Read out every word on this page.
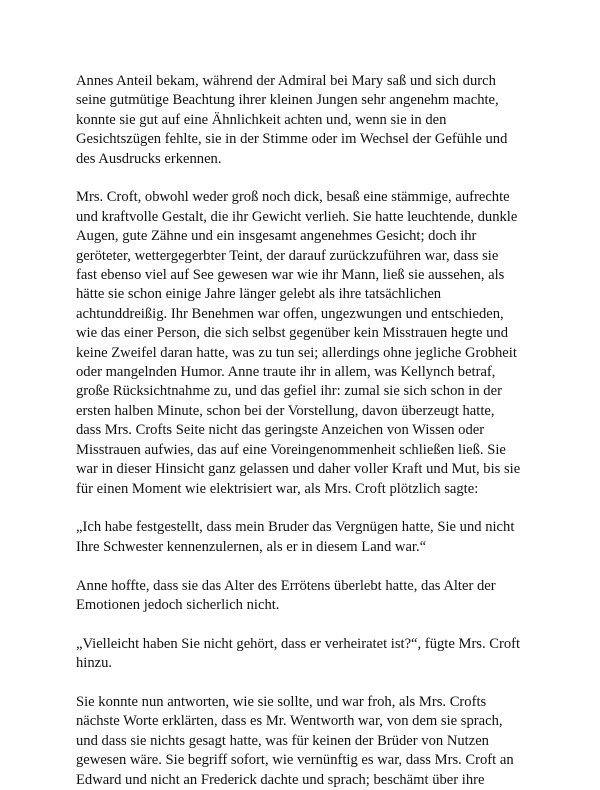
Annes Anteil bekam, während der Admiral bei Mary saß und sich durch
seine gutmütige Beachtung ihrer kleinen Jungen sehr angenehm machte,
konnte sie gut auf eine Ähnlichkeit achten und, wenn sie in den
Gesichtszügen fehlte, sie in der Stimme oder im Wechsel der Gefühle und
des Ausdrucks erkennen.

Mrs. Croft, obwohl weder groß noch dick, besaß eine stämmige, aufrechte
und kraftvolle Gestalt, die ihr Gewicht verlieh. Sie hatte leuchtende, dunkle
Augen, gute Zähne und ein insgesamt angenehmes Gesicht; doch ihr
geröteter, wettergegerbter Teint, der darauf zurückzuführen war, dass sie
fast ebenso viel auf See gewesen war wie ihr Mann, ließ sie aussehen, als
hätte sie schon einige Jahre länger gelebt als ihre tatsächlichen
achtunddreißig. Ihr Benehmen war offen, ungezwungen und entschieden,
wie das einer Person, die sich selbst gegenüber kein Misstrauen hegte und
keine Zweifel daran hatte, was zu tun sei; allerdings ohne jegliche Grobheit
oder mangelnden Humor. Anne traute ihr in allem, was Kellynch betraf,
große Rücksichtnahme zu, und das gefiel ihr: zumal sie sich schon in der
ersten halben Minute, schon bei der Vorstellung, davon überzeugt hatte,
dass Mrs. Crofts Seite nicht das geringste Anzeichen von Wissen oder
Misstrauen aufwies, das auf eine Voreingenommenheit schließen ließ. Sie
war in dieser Hinsicht ganz gelassen und daher voller Kraft und Mut, bis sie
für einen Moment wie elektrisiert war, als Mrs. Croft plötzlich sagte:

„Ich habe festgestellt, dass mein Bruder das Vergnügen hatte, Sie und nicht
Ihre Schwester kennenzulernen, als er in diesem Land war.“

Anne hoffte, dass sie das Alter des Errötens überlebt hatte, das Alter der
Emotionen jedoch sicherlich nicht.

„Vielleicht haben Sie nicht gehört, dass er verheiratet ist?“, fügte Mrs. Croft
hinzu.

Sie konnte nun antworten, wie sie sollte, und war froh, als Mrs. Crofts
nächste Worte erklärten, dass es Mr. Wentworth war, von dem sie sprach,
und dass sie nichts gesagt hatte, was für keinen der Brüder von Nutzen
gewesen wäre. Sie begriff sofort, wie vernünftig es war, dass Mrs. Croft an
Edward und nicht an Frederick dachte und sprach; beschämt über ihre
